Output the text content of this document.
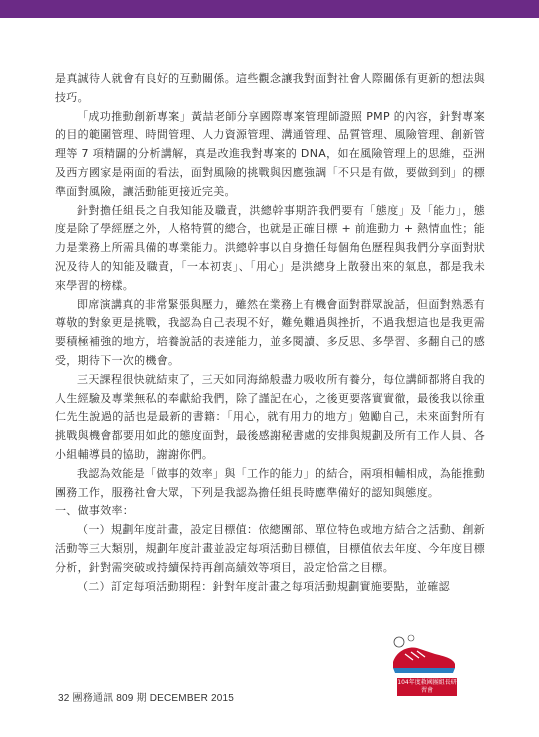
是真誠待人就會有良好的互動關係。這些觀念讓我對面對社會人際關係有更新的想法與技巧。

「成功推動創新專案」黃喆老師分享國際專案管理師證照 PMP 的內容，針對專案的目的範圍管理、時間管理、人力資源管理、溝通管理、品質管理、風險管理、創新管理等 7 項精闢的分析講解，真是改進我對專案的 DNA，如在風險管理上的思維，亞洲及西方國家是兩面的看法，面對風險的挑戰與因應強調「不只是有做，要做到到」的標準面對風險，讓活動能更接近完美。

針對擔任組長之自我知能及職責，洪總幹事期許我們要有「態度」及「能力」，態度是除了學經歷之外，人格特質的總合，也就是正確目標 + 前進動力 + 熱情血性；能力是業務上所需具備的專業能力。洪總幹事以自身擔任每個角色歷程與我們分享面對狀況及待人的知能及職責，「一本初衷」、「用心」是洪總身上散發出來的氣息，都是我未來學習的榜樣。

即席演講真的非常緊張與壓力，雖然在業務上有機會面對群眾說話，但面對熟悉有尊敬的對象更是挑戰，我認為自己表現不好，難免難過與挫折，不過我想這也是我更需要積極補強的地方，培養說話的表達能力，並多閱讀、多反思、多學習、多翻自己的感受，期待下一次的機會。

三天課程很快就結束了，三天如同海綿般盡力吸收所有養分，每位講師都將自我的人生經驗及專業無私的奉獻給我們，除了謹記在心，之後更要落實實徹，最後我以徐重仁先生說過的話也是最新的書籍：「用心，就有用力的地方」勉勵自己，未來面對所有挑戰與機會都要用如此的態度面對，最後感謝秘書處的安排與規劃及所有工作人員、各小組輔導員的協助，謝謝你們。

我認為效能是「做事的效率」與「工作的能力」的結合，兩項相輔相成，為能推動團務工作，服務社會大眾，下列是我認為擔任組長時應準備好的認知與態度。

一、做事效率：

（一）規劃年度計畫，設定目標值：依總團部、單位特色或地方結合之活動、創新活動等三大類別，規劃年度計畫並設定每項活動目標值，目標值依去年度、今年度目標分析，針對需突破或持續保持再創高績效等項目，設定恰當之目標。

（二）訂定每項活動期程：針對年度計畫之每項活動規劃實施要點，並確認

104年度救國團組長研習會
32 團務通訊 809 期 DECEMBER 2015
